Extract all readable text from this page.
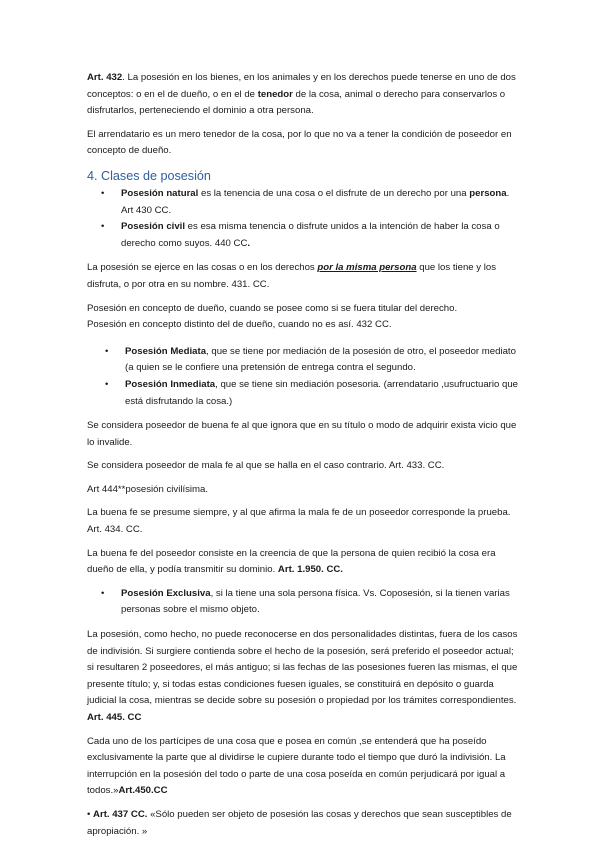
Art. 432. La posesión en los bienes, en los animales y en los derechos puede tenerse en uno de dos conceptos: o en el de dueño, o en el de tenedor de la cosa, animal o derecho para conservarlos o disfrutarlos, perteneciendo el dominio a otra persona.

El arrendatario es un mero tenedor de la cosa, por lo que no va a tener la condición de poseedor en concepto de dueño.

4. Clases de posesión
• Posesión natural es la tenencia de una cosa o el disfrute de un derecho por una persona. Art 430 CC.
• Posesión civil es esa misma tenencia o disfrute unidos a la intención de haber la cosa o derecho como suyos. 440 CC.

La posesión se ejerce en las cosas o en los derechos por la misma persona que los tiene y los disfruta, o por otra en su nombre. 431. CC.

Posesión en concepto de dueño, cuando se posee como si se fuera titular del derecho.
Posesión en concepto distinto del de dueño, cuando no es así. 432 CC.

• Posesión Mediata, que se tiene por mediación de la posesión de otro, el poseedor mediato (a quien se le confiere una pretensión de entrega contra el segundo.
• Posesión Inmediata, que se tiene sin mediación posesoria. (arrendatario ,usufructuario que está disfrutando la cosa.)

Se considera poseedor de buena fe al que ignora que en su título o modo de adquirir exista vicio que lo invalide.

Se considera poseedor de mala fe al que se halla en el caso contrario. Art. 433. CC.

Art 444**posesión civilísima.

La buena fe se presume siempre, y al que afirma la mala fe de un poseedor corresponde la prueba. Art. 434. CC.

La buena fe del poseedor consiste en la creencia de que la persona de quien recibió la cosa era dueño de ella, y podía transmitir su dominio. Art. 1.950. CC.

• Posesión Exclusiva, si la tiene una sola persona física. Vs. Coposesión, si la tienen varias personas sobre el mismo objeto.

La posesión, como hecho, no puede reconocerse en dos personalidades distintas, fuera de los casos de indivisión. Si surgiere contienda sobre el hecho de la posesión, será preferido el poseedor actual; si resultaren 2 poseedores, el más antiguo; si las fechas de las posesiones fueren las mismas, el que presente título; y, si todas estas condiciones fuesen iguales, se constituirá en depósito o guarda judicial la cosa, mientras se decide sobre su posesión o propiedad por los trámites correspondientes. Art. 445. CC

Cada uno de los partícipes de una cosa que e posea en común ,se entenderá que ha poseído exclusivamente la parte que al dividirse le cupiere durante todo el tiempo que duró la indivisión. La interrupción en la posesión del todo o parte de una cosa poseída en común perjudicará por igual a todos.»Art.450.CC

• Art. 437 CC. «Sólo pueden ser objeto de posesión las cosas y derechos que sean susceptibles de apropiación. »
